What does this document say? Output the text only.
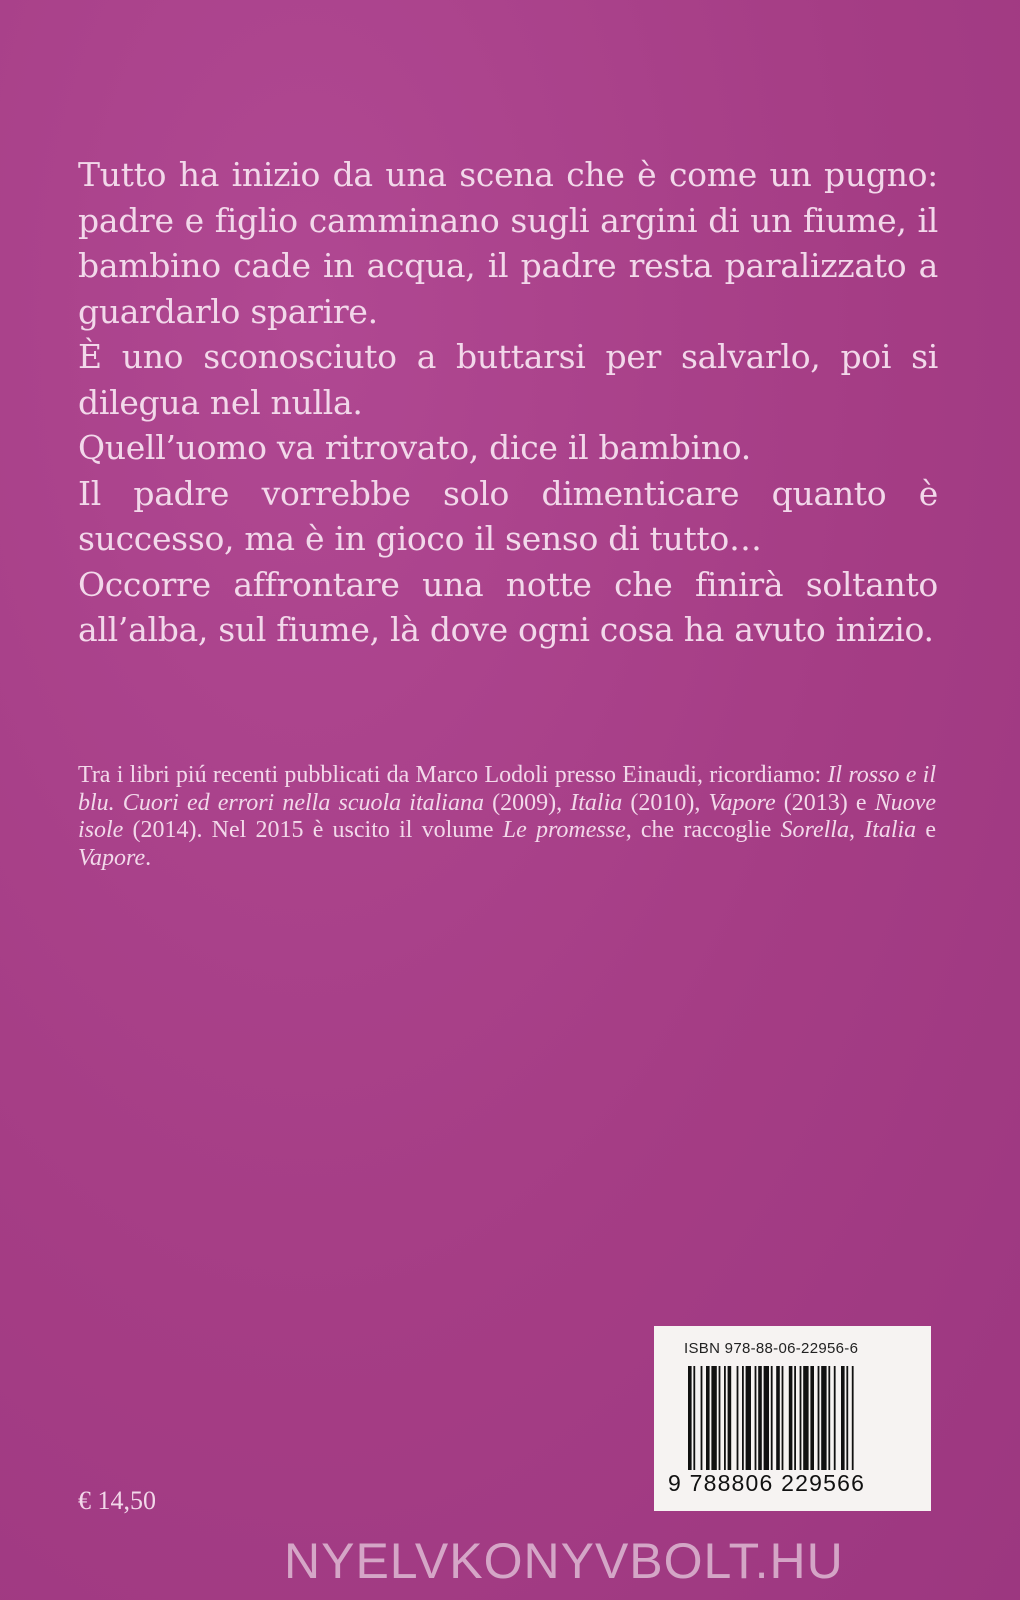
Tutto ha inizio da una scena che è come un pugno: padre e figlio camminano sugli argini di un fiume, il bambino cade in acqua, il padre resta paralizzato a guardarlo sparire.

È uno sconosciuto a buttarsi per salvarlo, poi si dilegua nel nulla.

Quell’uomo va ritrovato, dice il bambino.

Il padre vorrebbe solo dimenticare quanto è successo, ma è in gioco il senso di tutto…

Occorre affrontare una notte che finirà soltanto all’alba, sul fiume, là dove ogni cosa ha avuto inizio.

Tra i libri piú recenti pubblicati da Marco Lodoli presso Einaudi, ricordiamo: Il rosso e il blu. Cuori ed errori nella scuola italiana (2009), Italia (2010), Vapore (2013) e Nuove isole (2014). Nel 2015 è uscito il volume Le promesse, che raccoglie Sorella, Italia e Vapore.
€ 14,50
ISBN 978-88-06-22956-6
9 788806 229566
NYELVKONYVBOLT.HU
